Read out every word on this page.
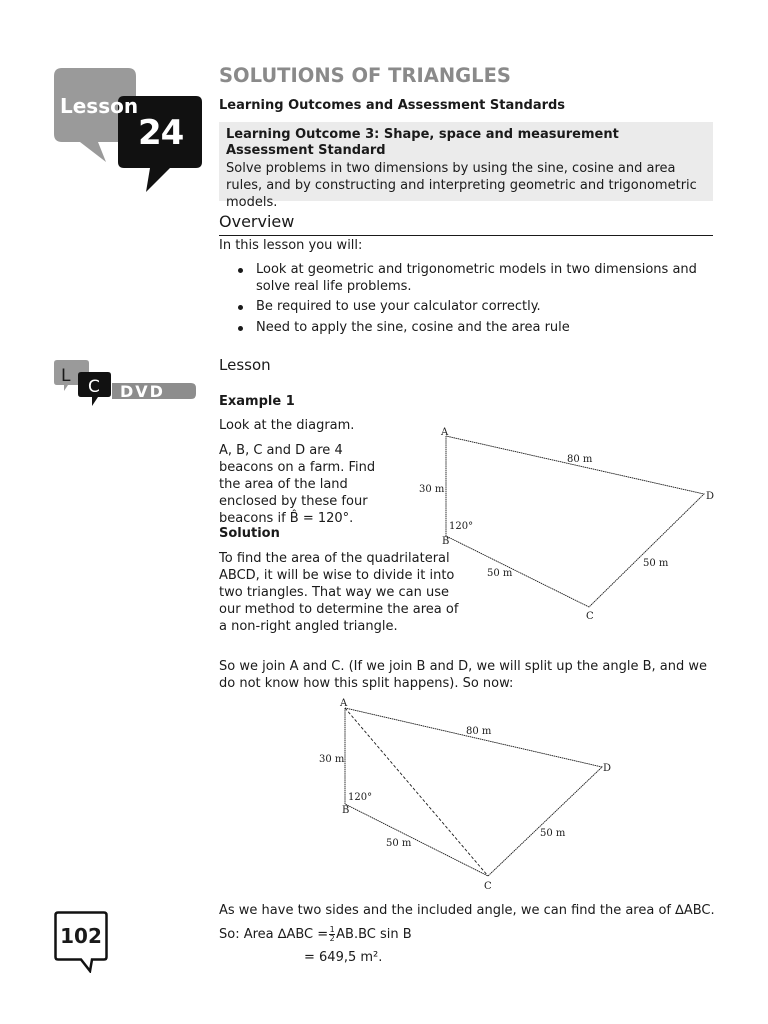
Lesson
24
SOLUTIONS OF TRIANGLES
Learning Outcomes and Assessment Standards
Learning Outcome 3: Shape, space and measurement
Assessment Standard
Solve problems in two dimensions by using the sine, cosine and area rules, and by constructing and interpreting geometric and trigonometric models.
Overview
In this lesson you will:
Look at geometric and trigonometric models in two dimensions and solve real life problems.
Be required to use your calculator correctly.
Need to apply the sine, cosine and the area rule
L
C DVD
Lesson
Example 1
Look at the diagram.
A, B, C and D are 4 beacons on a farm. Find the area of the land enclosed by these four beacons if B̂ = 120°.
Solution
To find the area of the quadrilateral ABCD, it will be wise to divide it into two triangles. That way we can use our method to determine the area of a non-right angled triangle.
So we join A and C. (If we join B and D, we will split up the angle B, and we do not know how this split happens). So now:
A
B
C
D
30 m
80 m
50 m
50 m
120°
A
B
C
D
30 m
80 m
50 m
50 m
120°
As we have two sides and the included angle, we can find the area of ∆ABC.
So: Area $\Delta ABC = \frac{1}{2} AB.BC$ sin B
= 649,5 m².
102
